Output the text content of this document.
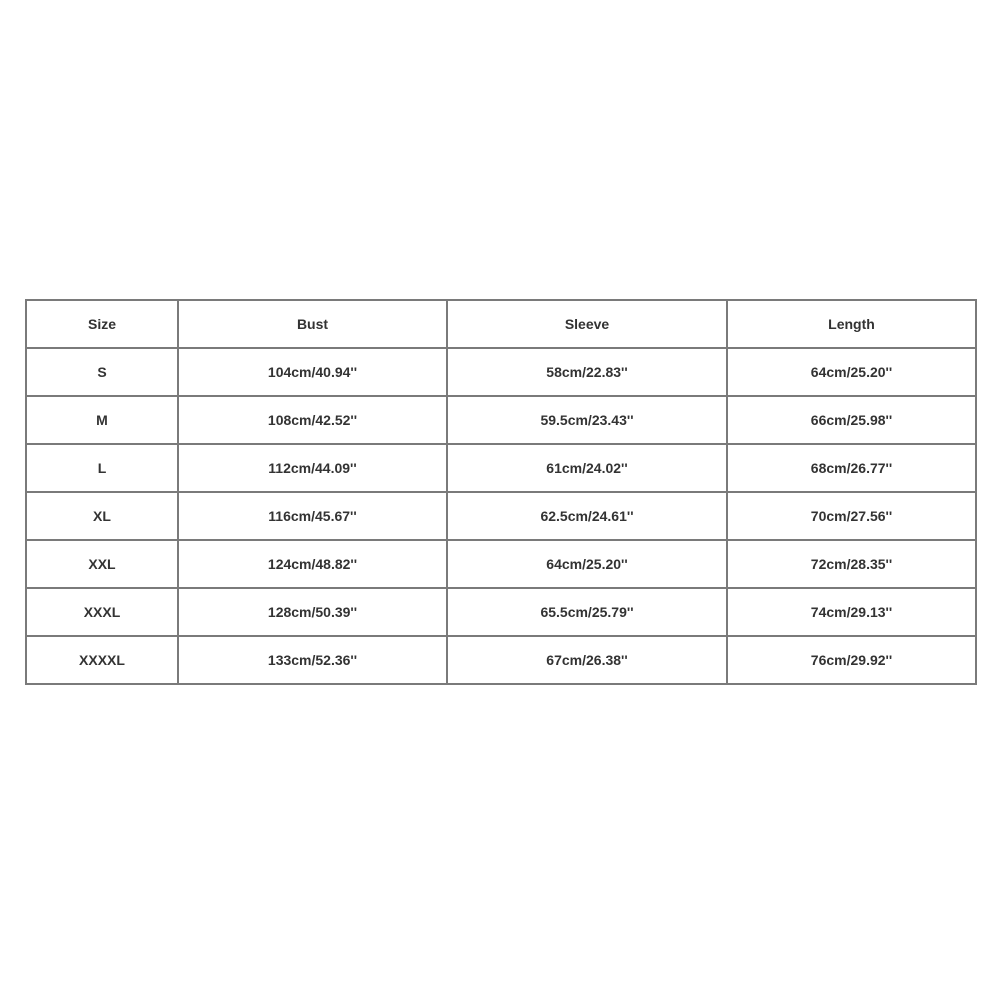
Size	Bust	Sleeve	Length
S	104cm/40.94''	58cm/22.83''	64cm/25.20''
M	108cm/42.52''	59.5cm/23.43''	66cm/25.98''
L	112cm/44.09''	61cm/24.02''	68cm/26.77''
XL	116cm/45.67''	62.5cm/24.61''	70cm/27.56''
XXL	124cm/48.82''	64cm/25.20''	72cm/28.35''
XXXL	128cm/50.39''	65.5cm/25.79''	74cm/29.13''
XXXXL	133cm/52.36''	67cm/26.38''	76cm/29.92''
